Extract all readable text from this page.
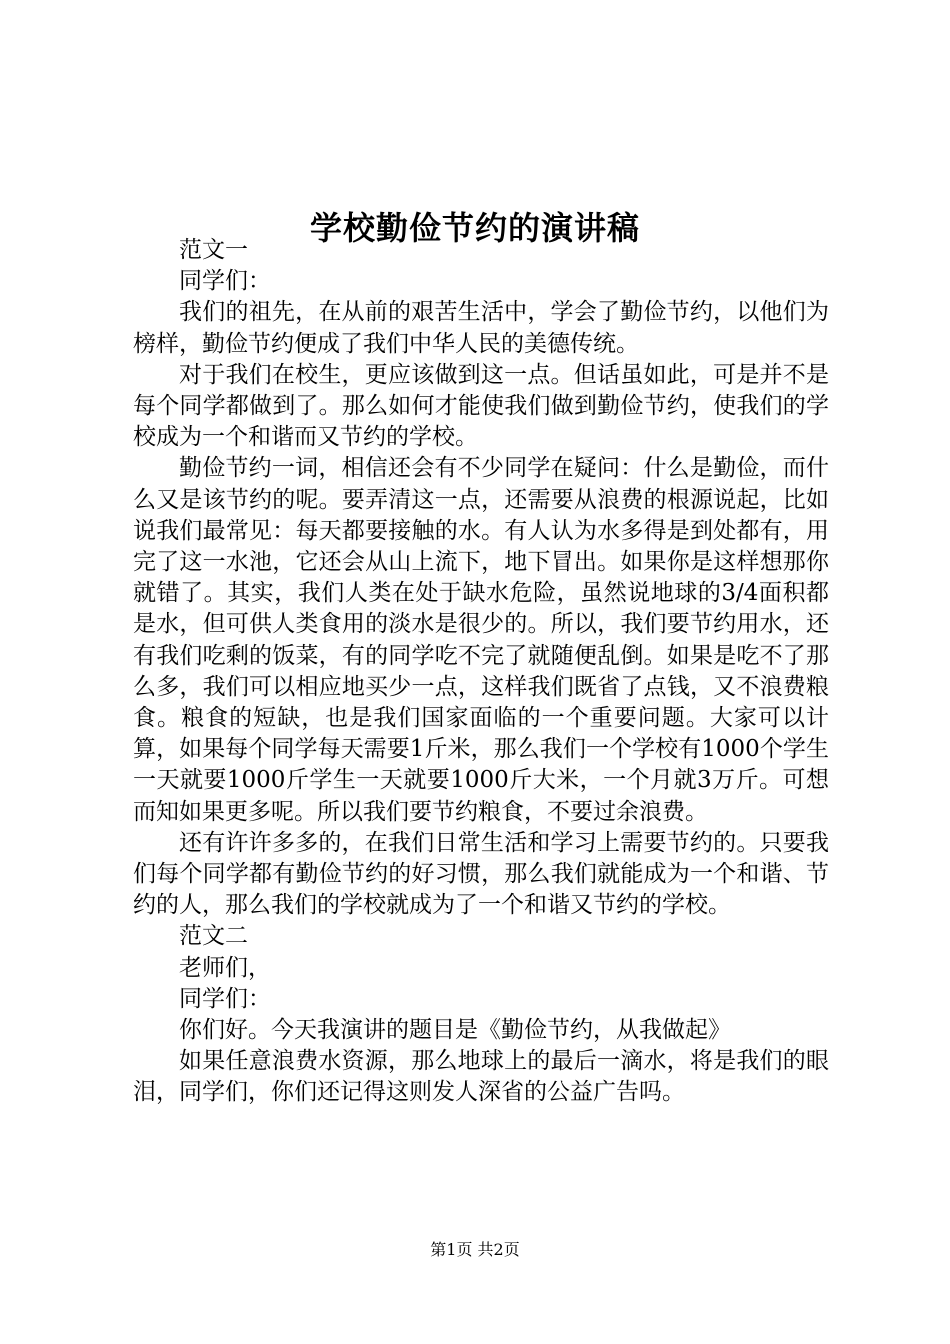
学校勤俭节约的演讲稿

范文一

同学们：

我们的祖先，在从前的艰苦生活中，学会了勤俭节约，以他们为榜样，勤俭节约便成了我们中华人民的美德传统。

对于我们在校生，更应该做到这一点。但话虽如此，可是并不是每个同学都做到了。那么如何才能使我们做到勤俭节约，使我们的学校成为一个和谐而又节约的学校。

勤俭节约一词，相信还会有不少同学在疑问：什么是勤俭，而什么又是该节约的呢。要弄清这一点，还需要从浪费的根源说起，比如说我们最常见：每天都要接触的水。有人认为水多得是到处都有，用完了这一水池，它还会从山上流下，地下冒出。如果你是这样想那你就错了。其实，我们人类在处于缺水危险，虽然说地球的3/4面积都是水，但可供人类食用的淡水是很少的。所以，我们要节约用水，还有我们吃剩的饭菜，有的同学吃不完了就随便乱倒。如果是吃不了那么多，我们可以相应地买少一点，这样我们既省了点钱，又不浪费粮食。粮食的短缺，也是我们国家面临的一个重要问题。大家可以计算，如果每个同学每天需要1斤米，那么我们一个学校有1000个学生一天就要1000斤学生一天就要1000斤大米，一个月就3万斤。可想而知如果更多呢。所以我们要节约粮食，不要过余浪费。

还有许许多多的，在我们日常生活和学习上需要节约的。只要我们每个同学都有勤俭节约的好习惯，那么我们就能成为一个和谐、节约的人，那么我们的学校就成为了一个和谐又节约的学校。

范文二

老师们，

同学们：

你们好。今天我演讲的题目是《勤俭节约，从我做起》

如果任意浪费水资源，那么地球上的最后一滴水，将是我们的眼泪，同学们，你们还记得这则发人深省的公益广告吗。

第1页 共2页
